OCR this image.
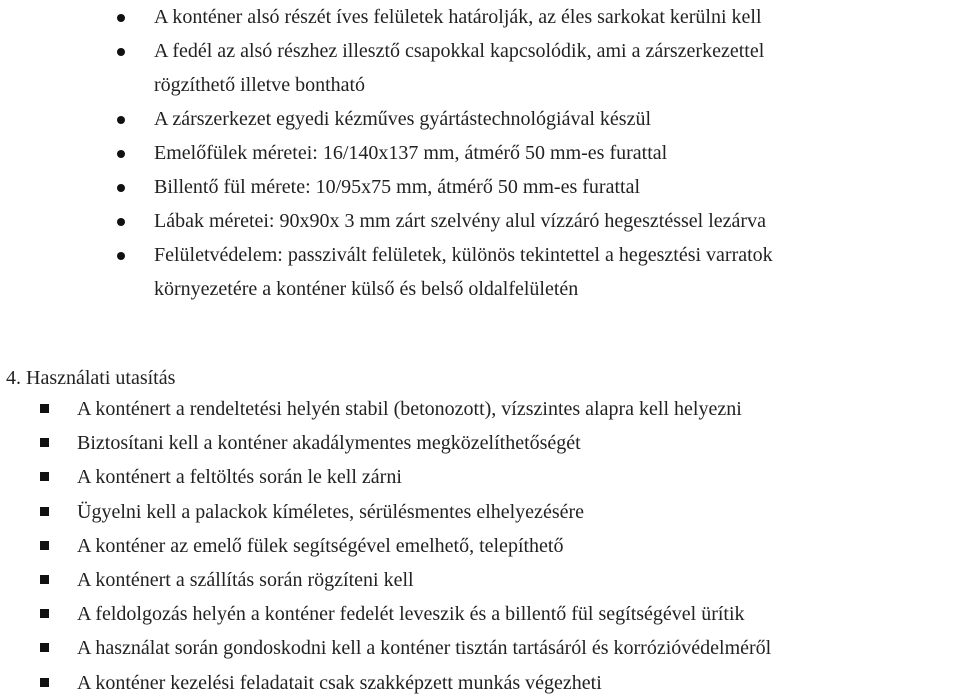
A konténer alsó részét íves felületek határolják, az éles sarkokat kerülni kell
A fedél az alsó részhez illesztő csapokkal kapcsolódik, ami a zárszerkezettel
rögzíthető illetve bontható
A zárszerkezet egyedi kézműves gyártástechnológiával készül
Emelőfülek méretei: 16/140x137 mm, átmérő 50 mm-es furattal
Billentő fül mérete: 10/95x75 mm, átmérő 50 mm-es furattal
Lábak méretei: 90x90x 3 mm zárt szelvény alul vízzáró hegesztéssel lezárva
Felületvédelem: passzivált felületek, különös tekintettel a hegesztési varratok
környezetére a konténer külső és belső oldalfelületén
4. Használati utasítás
A konténert a rendeltetési helyén stabil (betonozott), vízszintes alapra kell helyezni
Biztosítani kell a konténer akadálymentes megközelíthetőségét
A konténert a feltöltés során le kell zárni
Ügyelni kell a palackok kíméletes, sérülésmentes elhelyezésére
A konténer az emelő fülek segítségével emelhető, telepíthető
A konténert a szállítás során rögzíteni kell
A feldolgozás helyén a konténer fedelét leveszik és a billentő fül segítségével ürítik
A használat során gondoskodni kell a konténer tisztán tartásáról és korrózióvédelméről
A konténer kezelési feladatait csak szakképzett munkás végezheti
